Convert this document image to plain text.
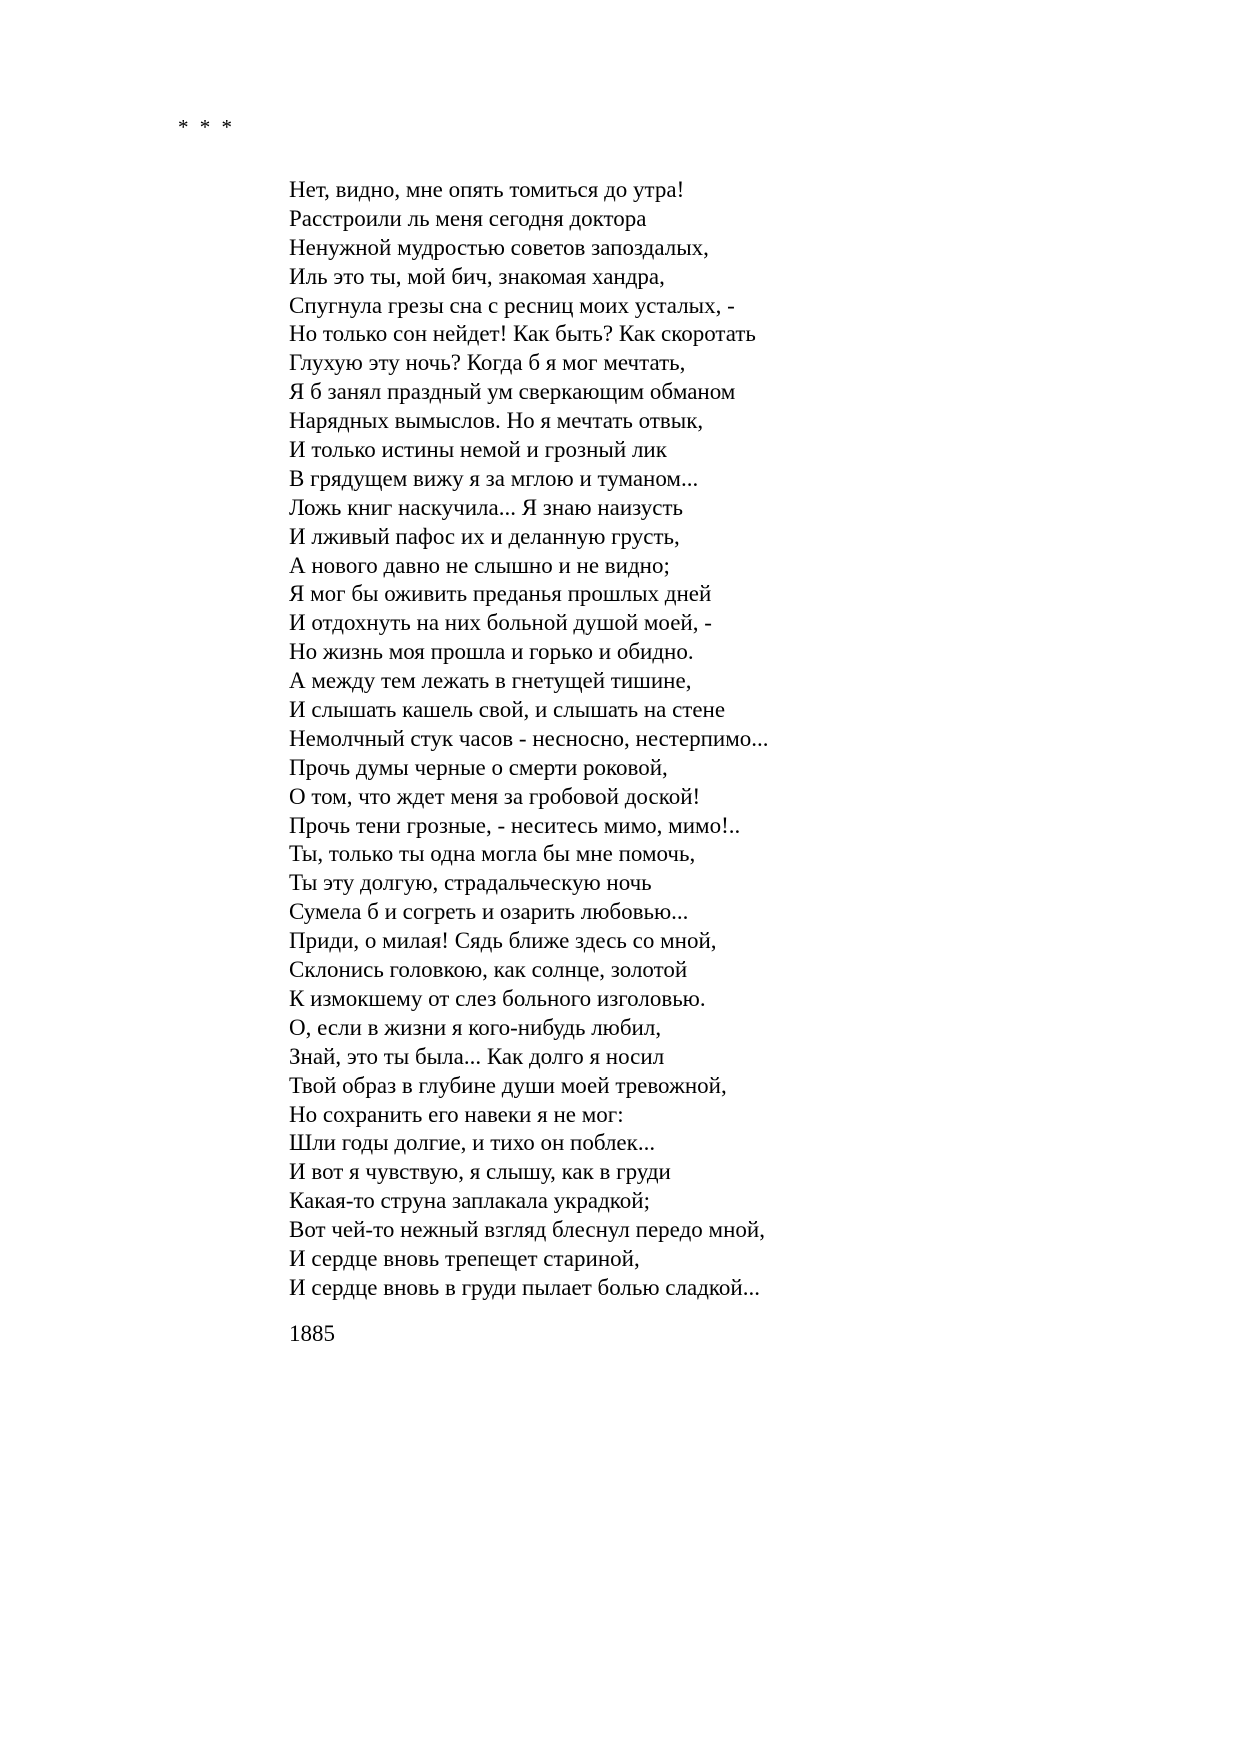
* * *
Нет, видно, мне опять томиться до утра!
Расстроили ль меня сегодня доктора
Ненужной мудростью советов запоздалых,
Иль это ты, мой бич, знакомая хандра,
Спугнула грезы сна с ресниц моих усталых, -
Но только сон нейдет! Как быть? Как скоротать
Глухую эту ночь? Когда б я мог мечтать,
Я б занял праздный ум сверкающим обманом
Нарядных вымыслов. Но я мечтать отвык,
И только истины немой и грозный лик
В грядущем вижу я за мглою и туманом...
Ложь книг наскучила... Я знаю наизусть
И лживый пафос их и деланную грусть,
А нового давно не слышно и не видно;
Я мог бы оживить преданья прошлых дней
И отдохнуть на них больной душой моей, -
Но жизнь моя прошла и горько и обидно.
А между тем лежать в гнетущей тишине,
И слышать кашель свой, и слышать на стене
Немолчный стук часов - несносно, нестерпимо...
Прочь думы черные о смерти роковой,
О том, что ждет меня за гробовой доской!
Прочь тени грозные, - неситесь мимо, мимо!..
Ты, только ты одна могла бы мне помочь,
Ты эту долгую, страдальческую ночь
Сумела б и согреть и озарить любовью...
Приди, о милая! Сядь ближе здесь со мной,
Склонись головкою, как солнце, золотой
К измокшему от слез больного изголовью.
О, если в жизни я кого-нибудь любил,
Знай, это ты была... Как долго я носил
Твой образ в глубине души моей тревожной,
Но сохранить его навеки я не мог:
Шли годы долгие, и тихо он поблек...
И вот я чувствую, я слышу, как в груди
Какая-то струна заплакала украдкой;
Вот чей-то нежный взгляд блеснул передо мной,
И сердце вновь трепещет стариной,
И сердце вновь в груди пылает болью сладкой...
1885
